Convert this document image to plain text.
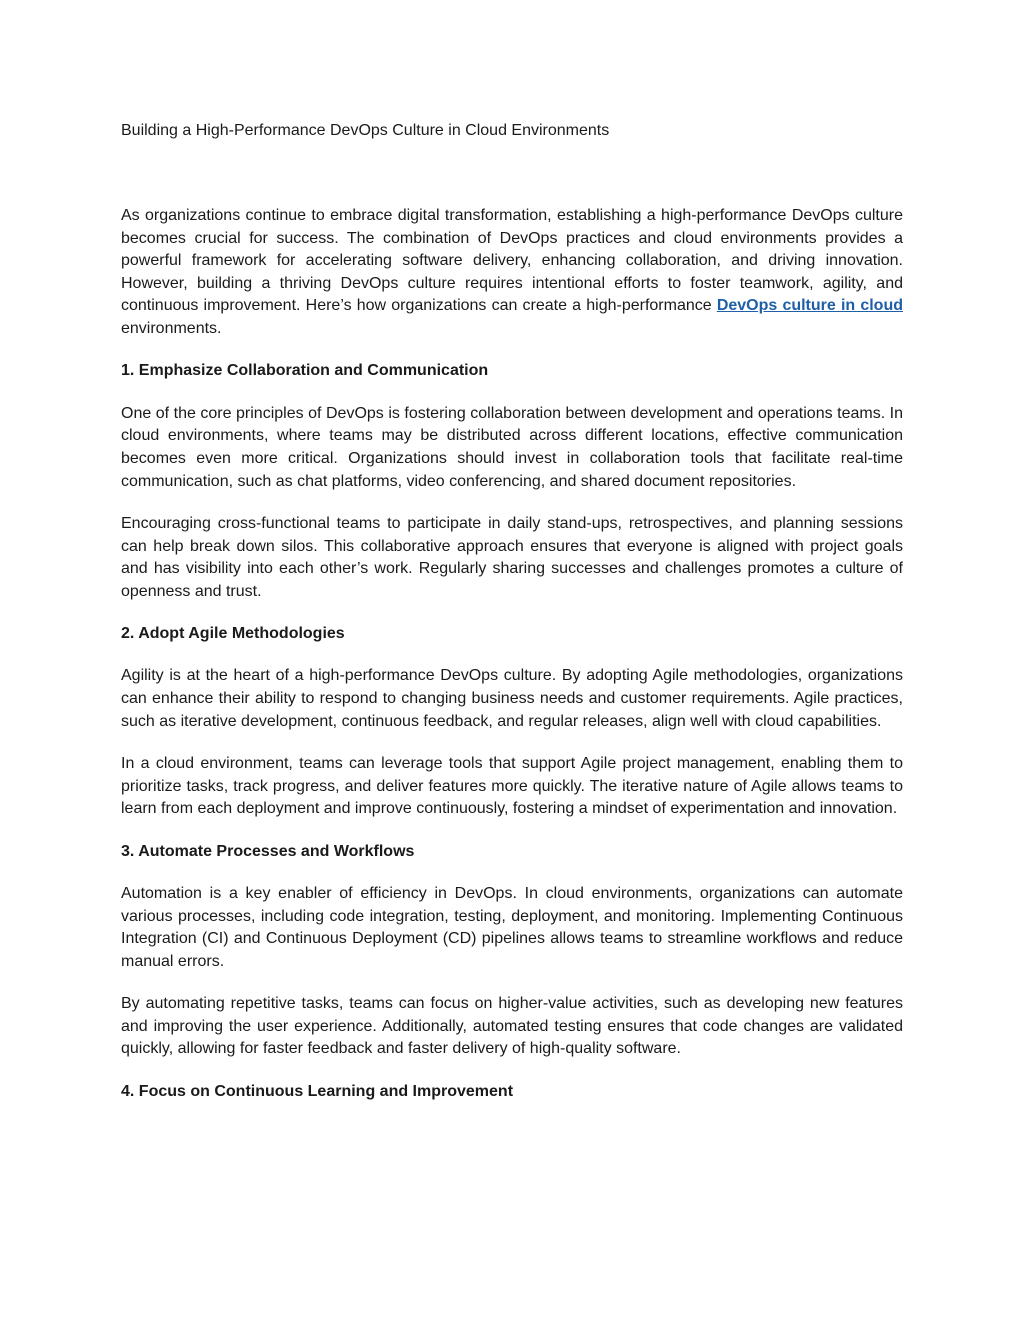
Building a High-Performance DevOps Culture in Cloud Environments

As organizations continue to embrace digital transformation, establishing a high-performance DevOps culture becomes crucial for success. The combination of DevOps practices and cloud environments provides a powerful framework for accelerating software delivery, enhancing collaboration, and driving innovation. However, building a thriving DevOps culture requires intentional efforts to foster teamwork, agility, and continuous improvement. Here’s how organizations can create a high-performance DevOps culture in cloud environments.

1. Emphasize Collaboration and Communication

One of the core principles of DevOps is fostering collaboration between development and operations teams. In cloud environments, where teams may be distributed across different locations, effective communication becomes even more critical. Organizations should invest in collaboration tools that facilitate real-time communication, such as chat platforms, video conferencing, and shared document repositories.

Encouraging cross-functional teams to participate in daily stand-ups, retrospectives, and planning sessions can help break down silos. This collaborative approach ensures that everyone is aligned with project goals and has visibility into each other’s work. Regularly sharing successes and challenges promotes a culture of openness and trust.

2. Adopt Agile Methodologies

Agility is at the heart of a high-performance DevOps culture. By adopting Agile methodologies, organizations can enhance their ability to respond to changing business needs and customer requirements. Agile practices, such as iterative development, continuous feedback, and regular releases, align well with cloud capabilities.

In a cloud environment, teams can leverage tools that support Agile project management, enabling them to prioritize tasks, track progress, and deliver features more quickly. The iterative nature of Agile allows teams to learn from each deployment and improve continuously, fostering a mindset of experimentation and innovation.

3. Automate Processes and Workflows

Automation is a key enabler of efficiency in DevOps. In cloud environments, organizations can automate various processes, including code integration, testing, deployment, and monitoring. Implementing Continuous Integration (CI) and Continuous Deployment (CD) pipelines allows teams to streamline workflows and reduce manual errors.

By automating repetitive tasks, teams can focus on higher-value activities, such as developing new features and improving the user experience. Additionally, automated testing ensures that code changes are validated quickly, allowing for faster feedback and faster delivery of high-quality software.

4. Focus on Continuous Learning and Improvement
